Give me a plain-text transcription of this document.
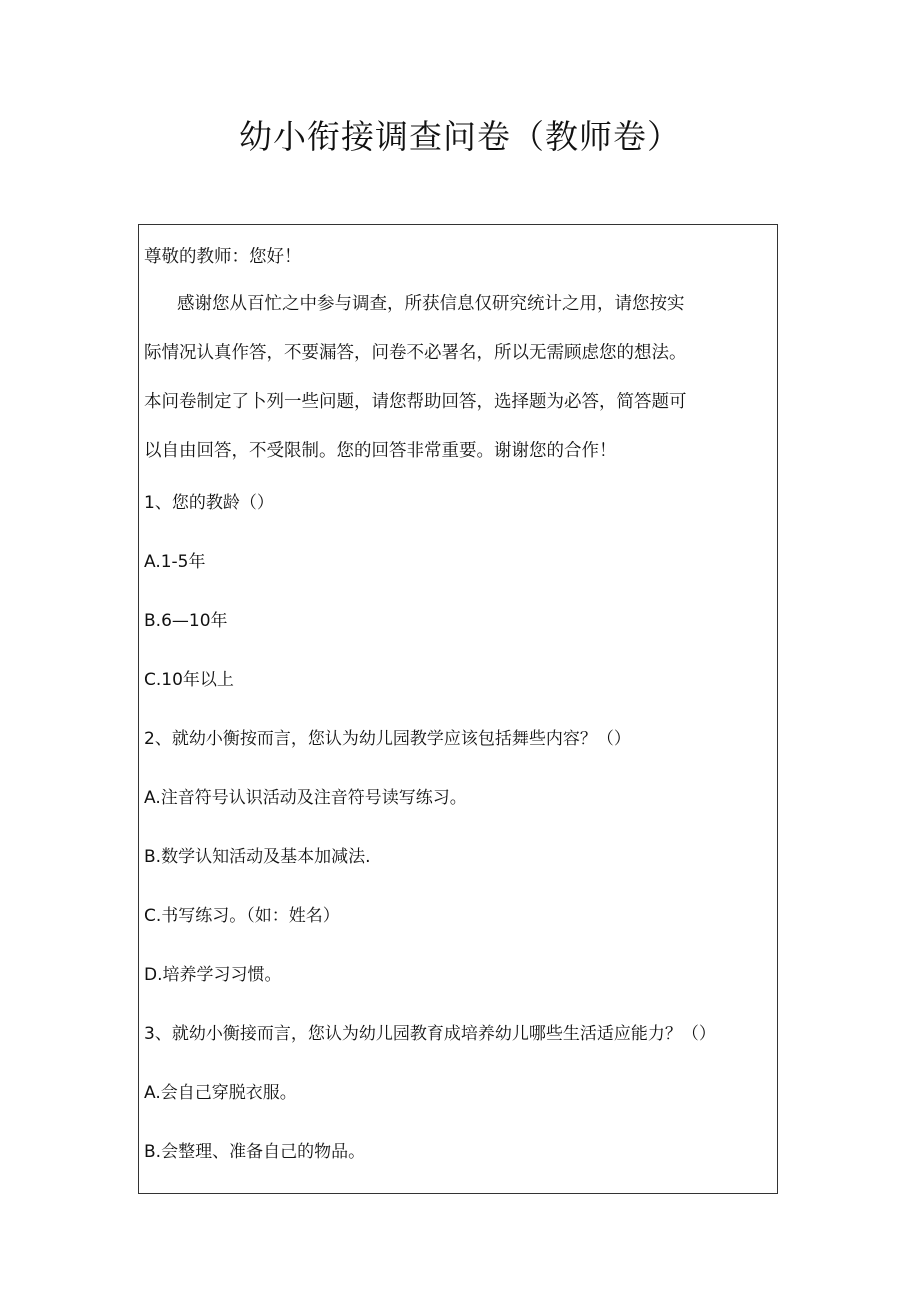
幼小衔接调查问卷（教师卷）
尊敬的教师：您好！
感谢您从百忙之中参与调查，所获信息仅研究统计之用，请您按实
际情况认真作答，不要漏答，问卷不必署名，所以无需顾虑您的想法。
本问卷制定了卜列一些问题，请您帮助回答，选择题为必答，简答题可
以自由回答，不受限制。您的回答非常重要。谢谢您的合作！
1、您的教龄（）
A.1-5年
B.6—10年
C.10年以上
2、就幼小衡按而言，您认为幼儿园教学应该包括舞些内容？（）
A.注音符号认识活动及注音符号读写练习。
B.数学认知活动及基本加减法.
C.书写练习。（如：姓名）
D.培养学习习惯。
3、就幼小衡接而言，您认为幼儿园教育成培养幼儿哪些生活适应能力？（）
A.会自己穿脱衣服。
B.会整理、准备自己的物品。
